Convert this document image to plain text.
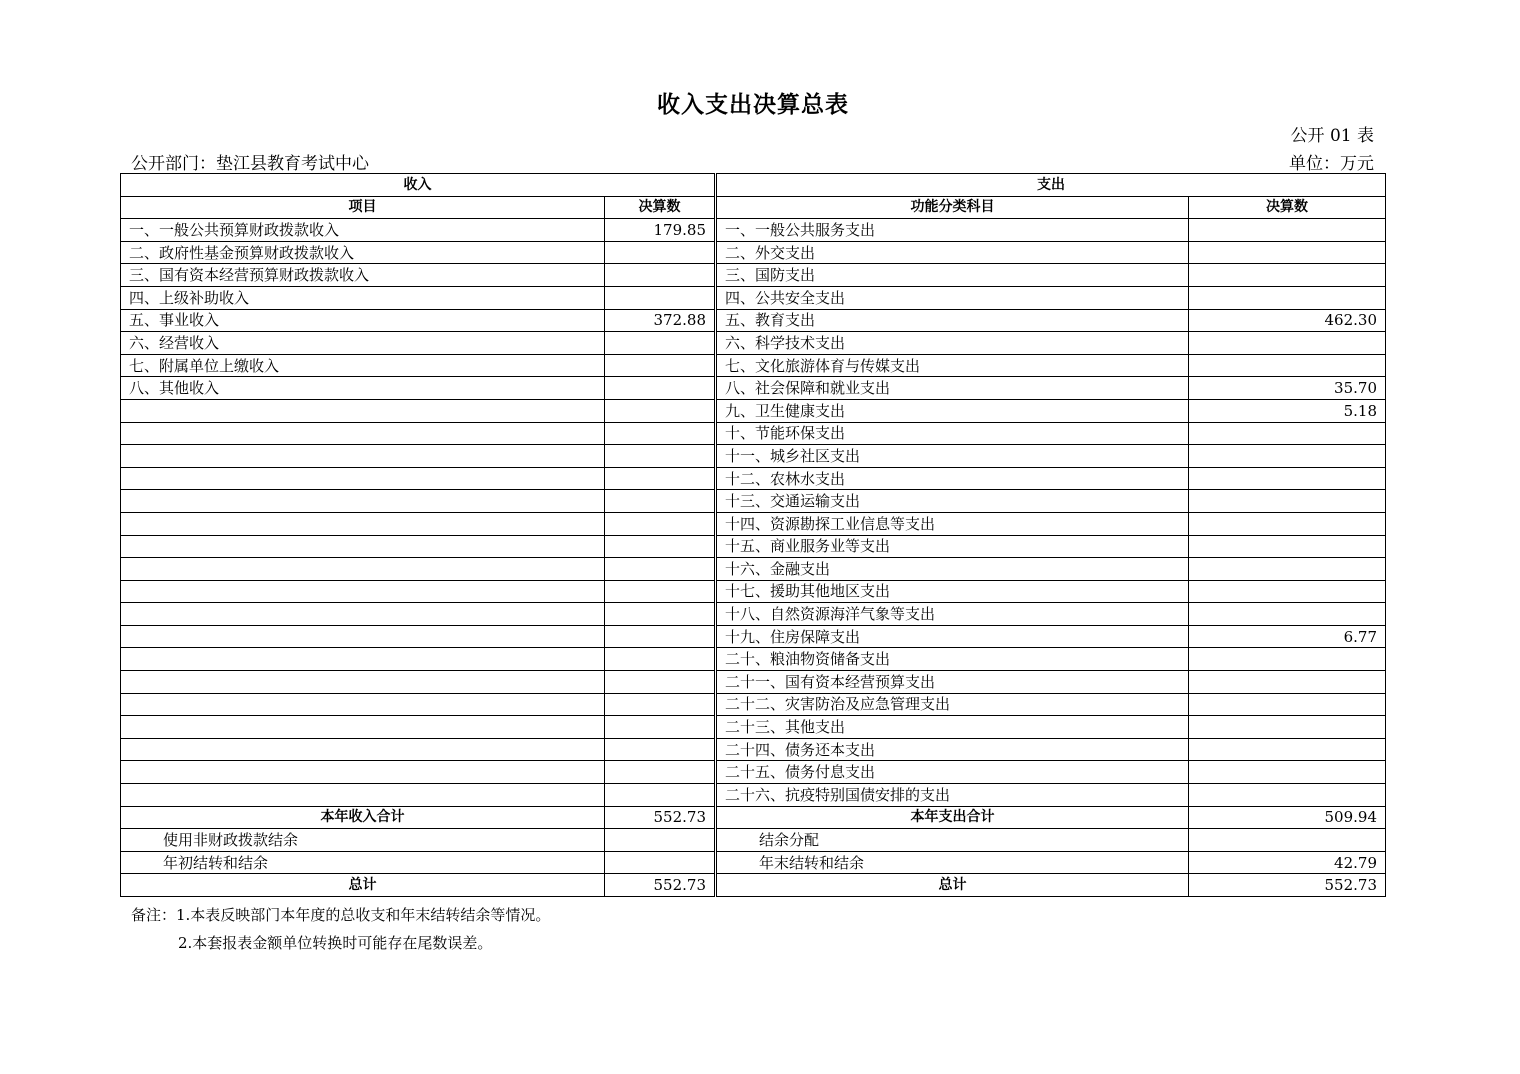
收入支出决算总表
公开 01 表
公开部门：垫江县教育考试中心	单位：万元
收入			支出	
项目	决算数		功能分类科目	决算数
一、一般公共预算财政拨款收入	179.85		一、一般公共服务支出	
二、政府性基金预算财政拨款收入			二、外交支出	
三、国有资本经营预算财政拨款收入			三、国防支出	
四、上级补助收入			四、公共安全支出	
五、事业收入	372.88		五、教育支出	462.30
六、经营收入			六、科学技术支出	
七、附属单位上缴收入			七、文化旅游体育与传媒支出	
八、其他收入			八、社会保障和就业支出	35.70
			九、卫生健康支出	5.18
			十、节能环保支出	
			十一、城乡社区支出	
			十二、农林水支出	
			十三、交通运输支出	
			十四、资源勘探工业信息等支出	
			十五、商业服务业等支出	
			十六、金融支出	
			十七、援助其他地区支出	
			十八、自然资源海洋气象等支出	
			十九、住房保障支出	6.77
			二十、粮油物资储备支出	
			二十一、国有资本经营预算支出	
			二十二、灾害防治及应急管理支出	
			二十三、其他支出	
			二十四、债务还本支出	
			二十五、债务付息支出	
			二十六、抗疫特别国债安排的支出	
本年收入合计	552.73		本年支出合计	509.94
使用非财政拨款结余			结余分配	
年初结转和结余			年末结转和结余	42.79
总计	552.73		总计	552.73
备注：1.本表反映部门本年度的总收支和年末结转结余等情况。
2.本套报表金额单位转换时可能存在尾数误差。
